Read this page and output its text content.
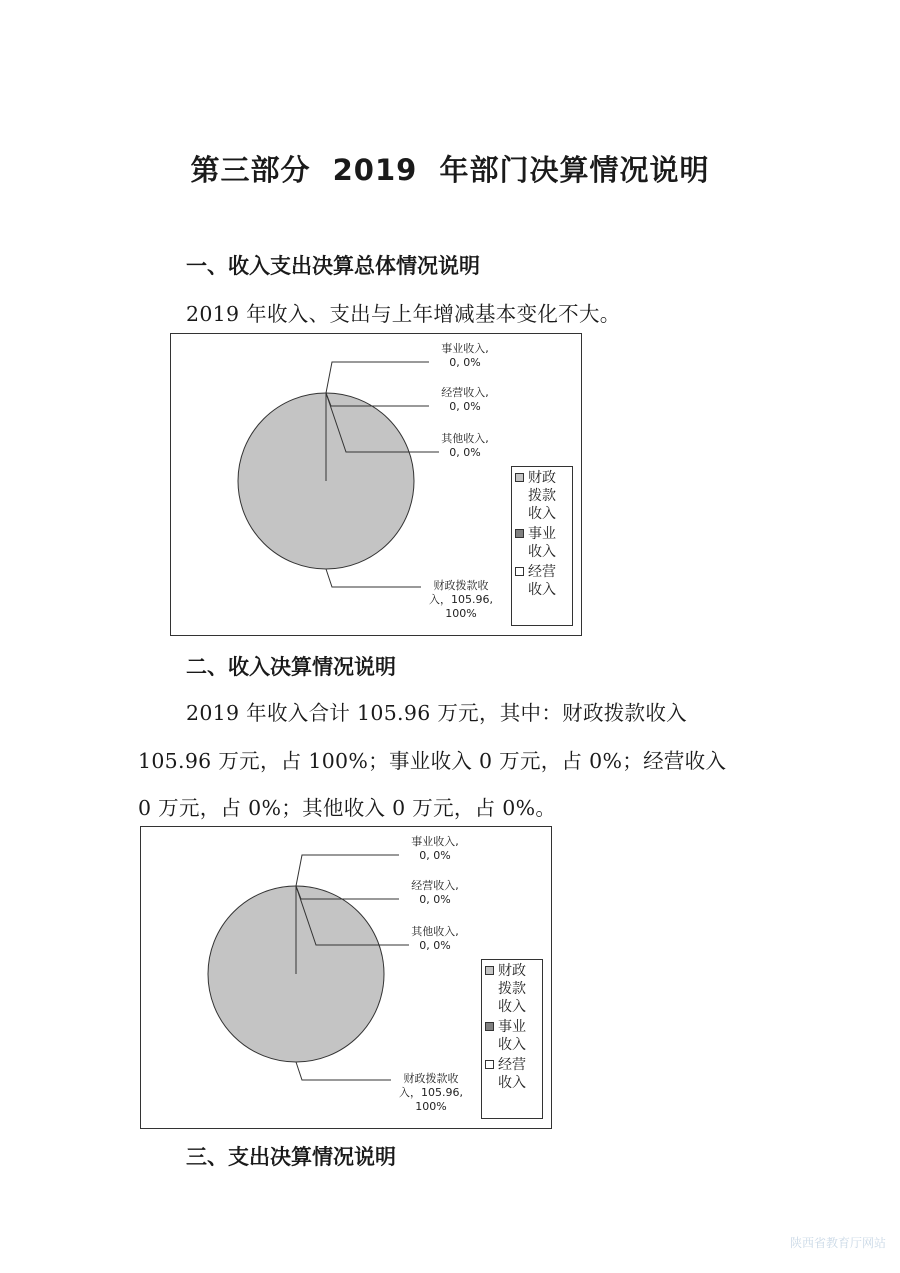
第三部分  2019  年部门决算情况说明
一、收入支出决算总体情况说明
2019 年收入、支出与上年增减基本变化不大。
财政拨款收
入，105.96,
100%
事业收入,
0, 0%
经营收入,
0, 0%
其他收入,
0, 0%
财政拨款收入
事业收入
经营收入
二、收入决算情况说明
2019 年收入合计 105.96 万元，其中：财政拨款收入
105.96 万元，占 100%；事业收入 0 万元，占 0%；经营收入
0 万元，占 0%；其他收入 0 万元，占 0%。
财政拨款收
入，105.96,
100%
事业收入,
0, 0%
经营收入,
0, 0%
其他收入,
0, 0%
财政拨款收入
事业收入
经营收入
三、支出决算情况说明
陕西省教育厅网站
